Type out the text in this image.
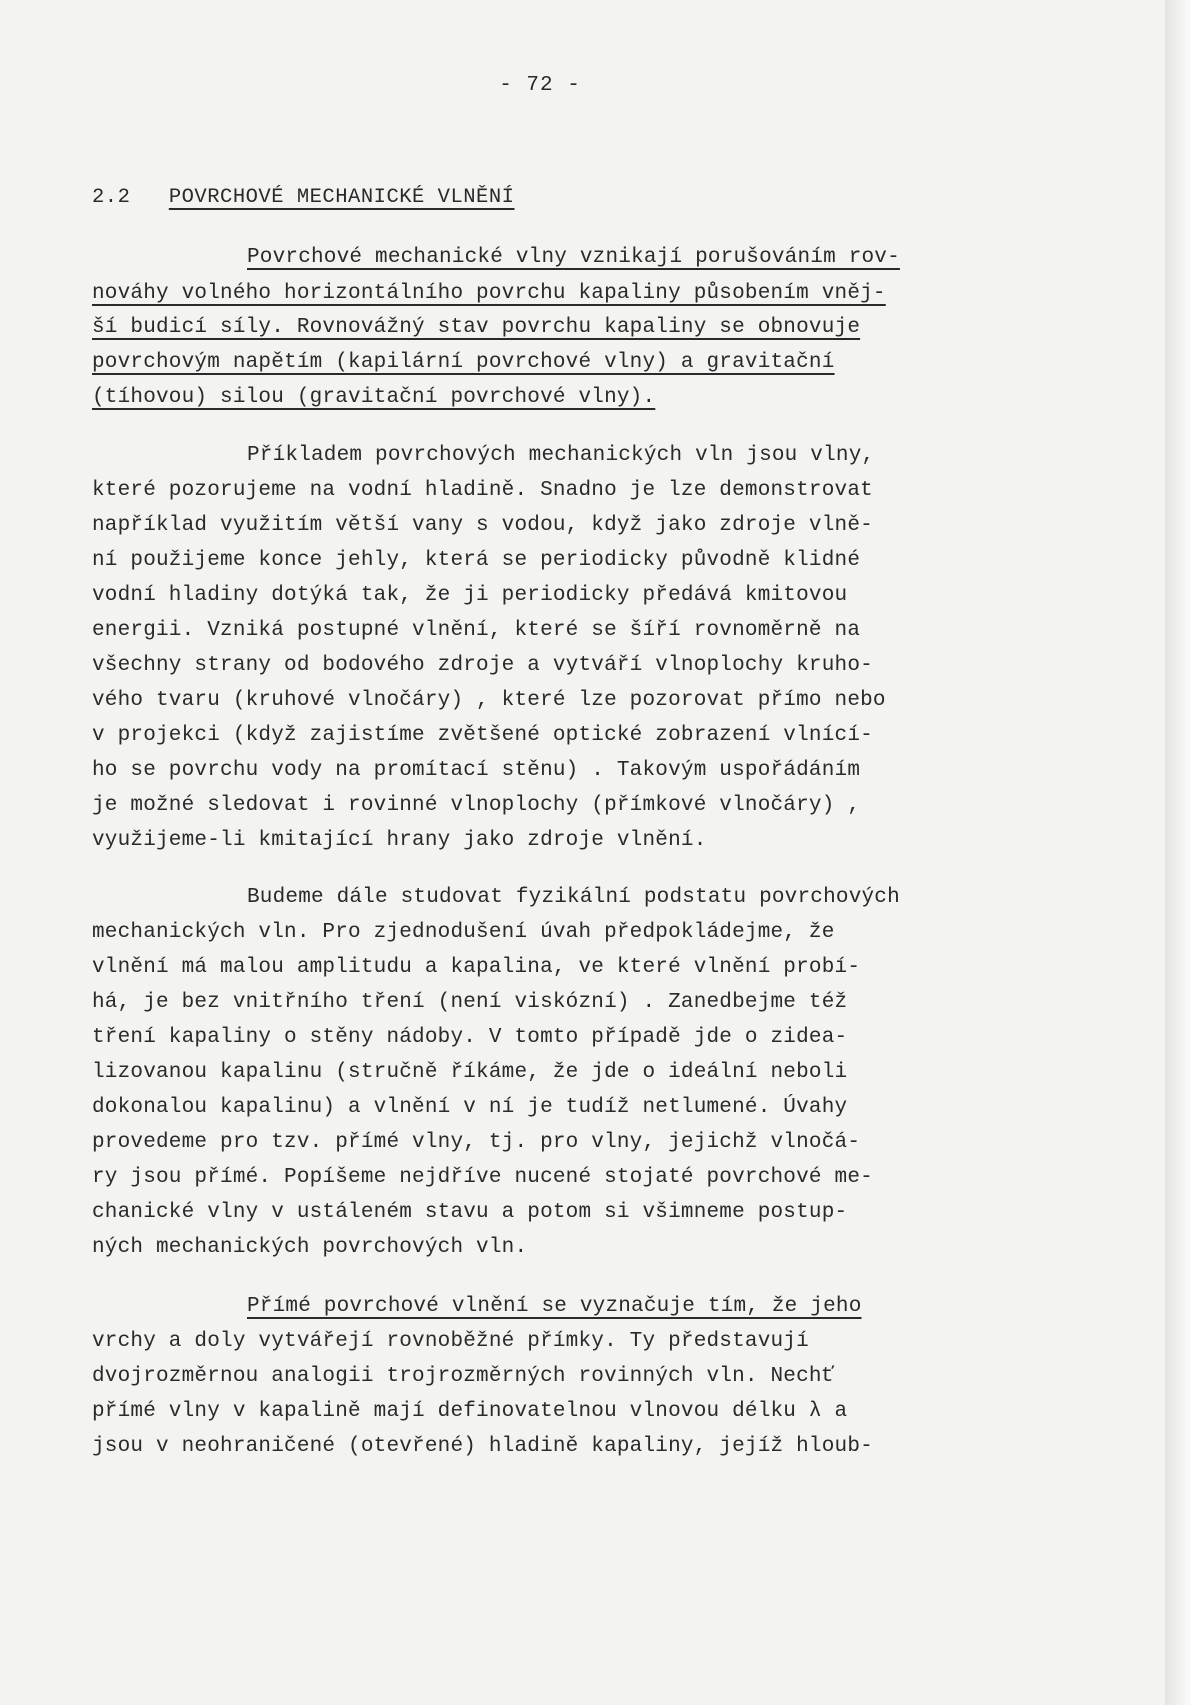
- 72 -
2.2 POVRCHOVÉ MECHANICKÉ VLNĚNÍ
Povrchové mechanické vlny vznikají porušováním rov-
nováhy volného horizontálního povrchu kapaliny působením vněj-
ší budicí síly. Rovnovážný stav povrchu kapaliny se obnovuje
povrchovým napětím (kapilární povrchové vlny) a gravitační
(tíhovou) silou (gravitační povrchové vlny).
Příkladem povrchových mechanických vln jsou vlny,
které pozorujeme na vodní hladině. Snadno je lze demonstrovat
například využitím větší vany s vodou, když jako zdroje vlně-
ní použijeme konce jehly, která se periodicky původně klidné
vodní hladiny dotýká tak, že ji periodicky předává kmitovou
energii. Vzniká postupné vlnění, které se šíří rovnoměrně na
všechny strany od bodového zdroje a vytváří vlnoplochy kruho-
vého tvaru (kruhové vlnočáry) , které lze pozorovat přímo nebo
v projekci (když zajistíme zvětšené optické zobrazení vlnící-
ho se povrchu vody na promítací stěnu) . Takovým uspořádáním
je možné sledovat i rovinné vlnoplochy (přímkové vlnočáry) ,
využijeme-li kmitající hrany jako zdroje vlnění.
Budeme dále studovat fyzikální podstatu povrchových
mechanických vln. Pro zjednodušení úvah předpokládejme, že
vlnění má malou amplitudu a kapalina, ve které vlnění probí-
há, je bez vnitřního tření (není viskózní) . Zanedbejme též
tření kapaliny o stěny nádoby. V tomto případě jde o zidea-
lizovanou kapalinu (stručně říkáme, že jde o ideální neboli
dokonalou kapalinu) a vlnění v ní je tudíž netlumené. Úvahy
provedeme pro tzv. přímé vlny, tj. pro vlny, jejichž vlnočá-
ry jsou přímé. Popíšeme nejdříve nucené stojaté povrchové me-
chanické vlny v ustáleném stavu a potom si všimneme postup-
ných mechanických povrchových vln.
Přímé povrchové vlnění se vyznačuje tím, že jeho
vrchy a doly vytvářejí rovnoběžné přímky. Ty představují
dvojrozměrnou analogii trojrozměrných rovinných vln. Nechť
přímé vlny v kapalině mají definovatelnou vlnovou délku λ a
jsou v neohraničené (otevřené) hladině kapaliny, jejíž hloub-
